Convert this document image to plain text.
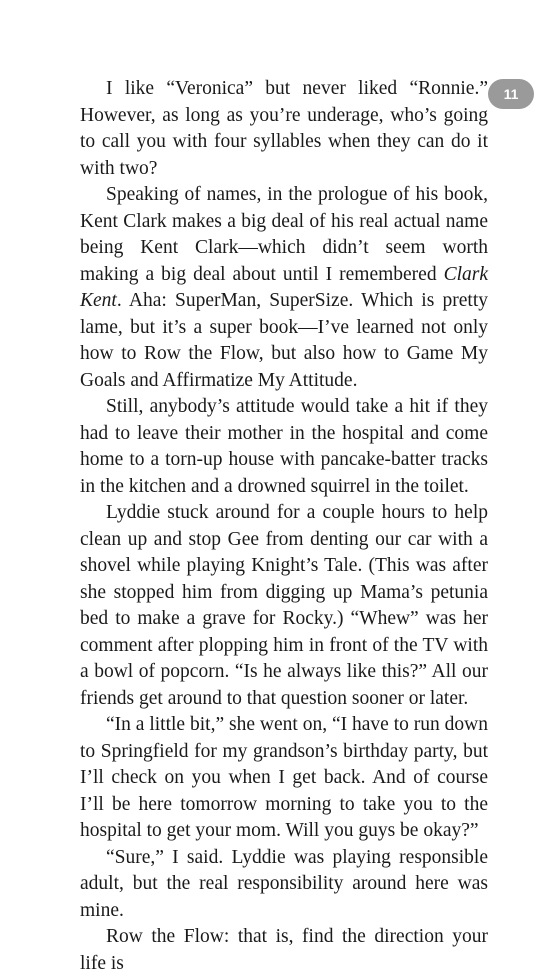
11

I like “Veronica” but never liked “Ronnie.” However, as long as you’re underage, who’s going to call you with four syllables when they can do it with two?

Speaking of names, in the prologue of his book, Kent Clark makes a big deal of his real actual name being Kent Clark—which didn’t seem worth making a big deal about until I remembered Clark Kent. Aha: SuperMan, SuperSize. Which is pretty lame, but it’s a super book—I’ve learned not only how to Row the Flow, but also how to Game My Goals and Affirmatize My Attitude.

Still, anybody’s attitude would take a hit if they had to leave their mother in the hospital and come home to a torn-up house with pancake-batter tracks in the kitchen and a drowned squirrel in the toilet.

Lyddie stuck around for a couple hours to help clean up and stop Gee from denting our car with a shovel while playing Knight’s Tale. (This was after she stopped him from digging up Mama’s petunia bed to make a grave for Rocky.) “Whew” was her comment after plopping him in front of the TV with a bowl of popcorn. “Is he always like this?” All our friends get around to that question sooner or later.

“In a little bit,” she went on, “I have to run down to Springfield for my grandson’s birthday party, but I’ll check on you when I get back. And of course I’ll be here tomorrow morning to take you to the hospital to get your mom. Will you guys be okay?”

“Sure,” I said. Lyddie was playing responsible adult, but the real responsibility around here was mine.

Row the Flow: that is, find the direction your life is
